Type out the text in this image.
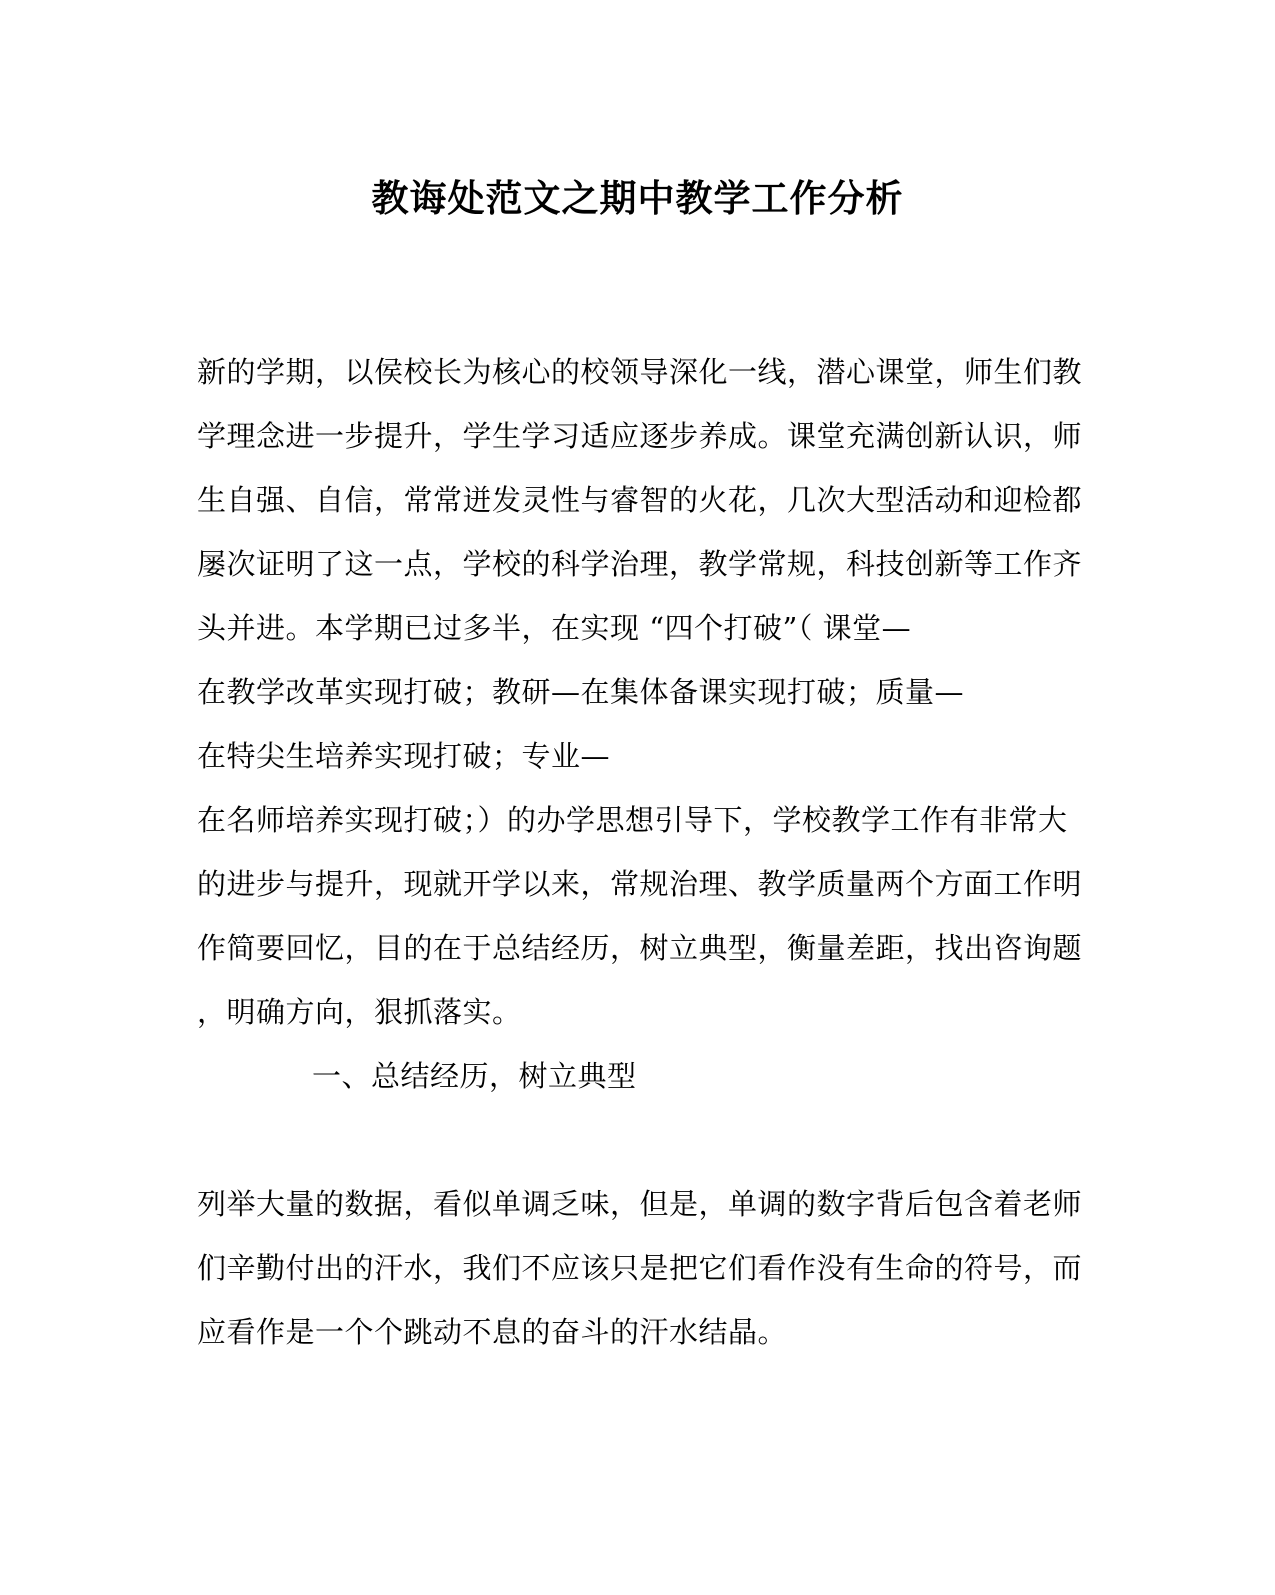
教诲处范文之期中教学工作分析
新的学期，以侯校长为核心的校领导深化一线，潜心课堂，师生们教
学理念进一步提升，学生学习适应逐步养成。课堂充满创新认识，师
生自强、自信，常常迸发灵性与睿智的火花，几次大型活动和迎检都
屡次证明了这一点，学校的科学治理，教学常规，科技创新等工作齐
头并进。本学期已过多半，在实现 “四个打破”（ 课堂—
在教学改革实现打破；教研—在集体备课实现打破；质量—
在特尖生培养实现打破；专业—
在名师培养实现打破；）的办学思想引导下，学校教学工作有非常大
的进步与提升，现就开学以来，常规治理、教学质量两个方面工作明
作简要回忆，目的在于总结经历，树立典型，衡量差距，找出咨询题
，明确方向，狠抓落实。
一、总结经历，树立典型
列举大量的数据，看似单调乏味，但是，单调的数字背后包含着老师
们辛勤付出的汗水，我们不应该只是把它们看作没有生命的符号，而
应看作是一个个跳动不息的奋斗的汗水结晶。
